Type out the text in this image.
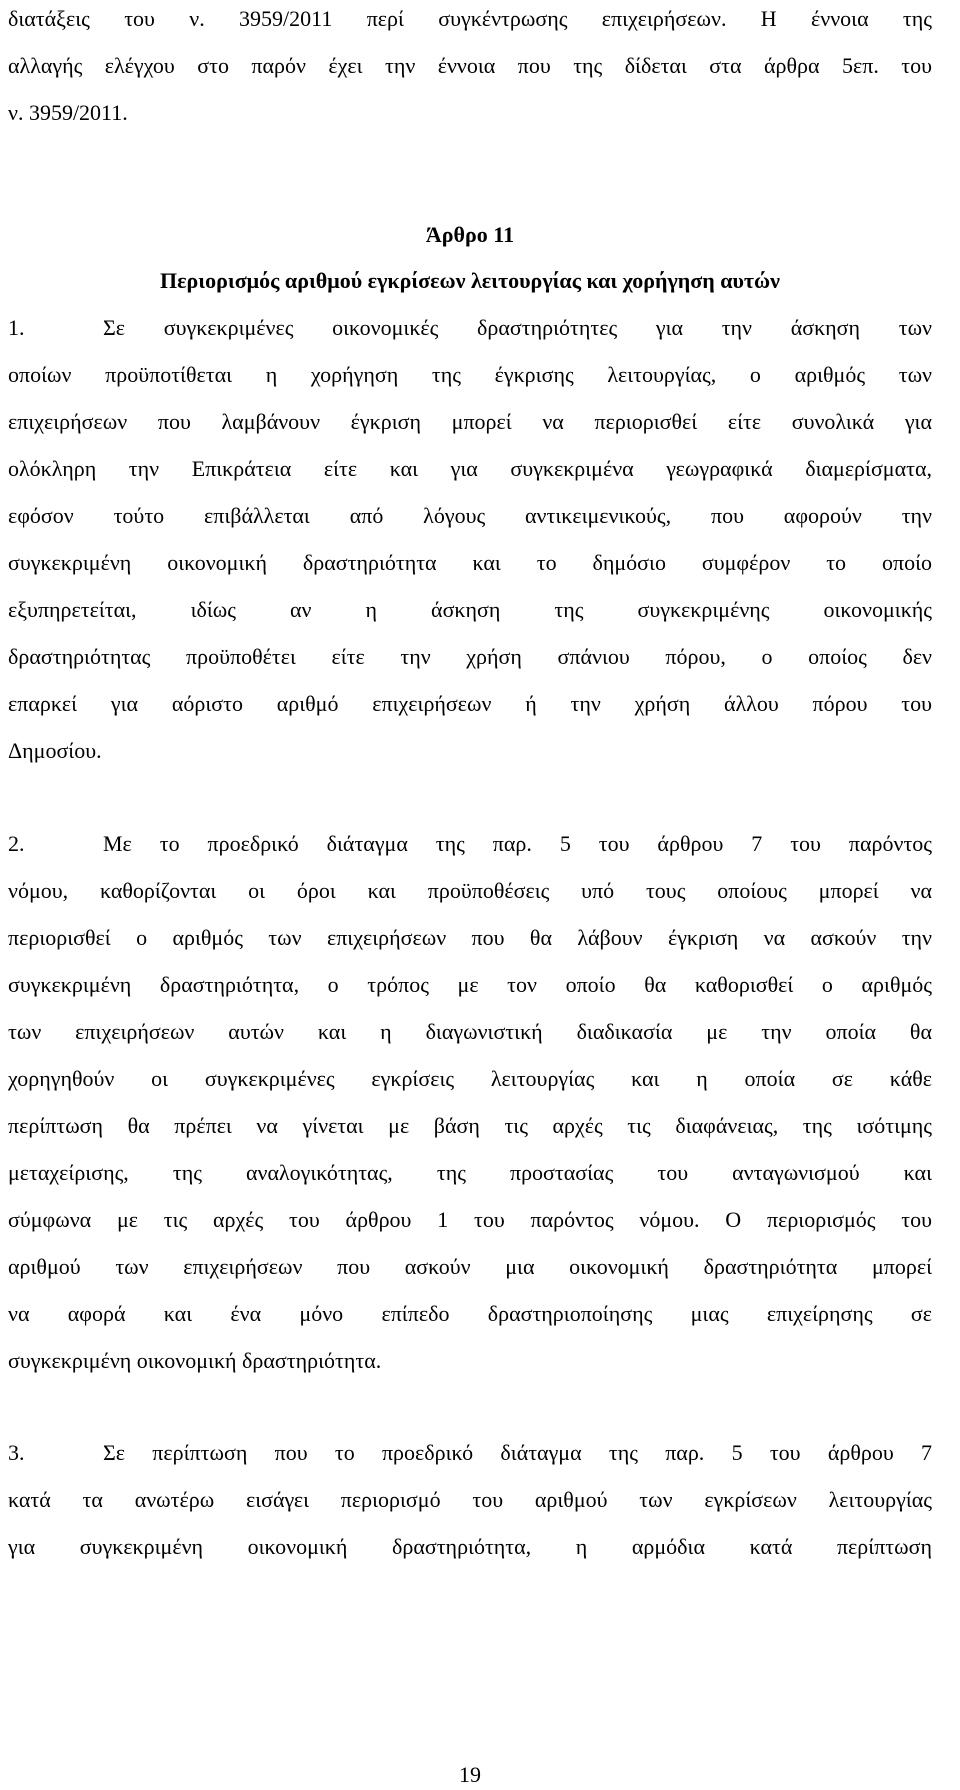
διατάξεις του ν. 3959/2011 περί συγκέντρωσης επιχειρήσεων. Η έννοια της

αλλαγής ελέγχου στο παρόν έχει την έννοια που της δίδεται στα άρθρα 5επ. του

ν. 3959/2011.

Άρθρο 11

Περιορισμός αριθμού εγκρίσεων λειτουργίας και χορήγηση αυτών

1.	Σε συγκεκριμένες οικονομικές δραστηριότητες για την άσκηση των

οποίων προϋποτίθεται η χορήγηση της έγκρισης λειτουργίας, ο αριθμός των

επιχειρήσεων που λαμβάνουν έγκριση μπορεί να περιορισθεί είτε συνολικά για

ολόκληρη την Επικράτεια είτε και για συγκεκριμένα γεωγραφικά διαμερίσματα,

εφόσον τούτο επιβάλλεται από λόγους αντικειμενικούς, που αφορούν την

συγκεκριμένη οικονομική δραστηριότητα και το δημόσιο συμφέρον το οποίο

εξυπηρετείται, ιδίως αν η άσκηση της συγκεκριμένης οικονομικής

δραστηριότητας προϋποθέτει είτε την χρήση σπάνιου πόρου, ο οποίος δεν

επαρκεί για αόριστο αριθμό επιχειρήσεων ή την χρήση άλλου πόρου του

Δημοσίου.

2.	Με το προεδρικό διάταγμα της παρ. 5 του άρθρου 7 του παρόντος

νόμου, καθορίζονται οι όροι και προϋποθέσεις υπό τους οποίους μπορεί να

περιορισθεί ο αριθμός των επιχειρήσεων που θα λάβουν έγκριση να ασκούν την

συγκεκριμένη δραστηριότητα, ο τρόπος με τον οποίο θα καθορισθεί ο αριθμός

των επιχειρήσεων αυτών και η διαγωνιστική διαδικασία με την οποία θα

χορηγηθούν οι συγκεκριμένες εγκρίσεις λειτουργίας και η οποία σε κάθε

περίπτωση θα πρέπει να γίνεται με βάση τις αρχές τις διαφάνειας, της ισότιμης

μεταχείρισης, της αναλογικότητας, της προστασίας του ανταγωνισμού και

σύμφωνα με τις αρχές του άρθρου 1 του παρόντος νόμου. Ο περιορισμός του

αριθμού των επιχειρήσεων που ασκούν μια οικονομική δραστηριότητα μπορεί

να αφορά και ένα μόνο επίπεδο δραστηριοποίησης μιας επιχείρησης σε

συγκεκριμένη οικονομική δραστηριότητα.

3.	Σε περίπτωση που το προεδρικό διάταγμα της παρ. 5 του άρθρου 7

κατά τα ανωτέρω εισάγει περιορισμό του αριθμού των εγκρίσεων λειτουργίας

για συγκεκριμένη οικονομική δραστηριότητα, η αρμόδια κατά περίπτωση

19
